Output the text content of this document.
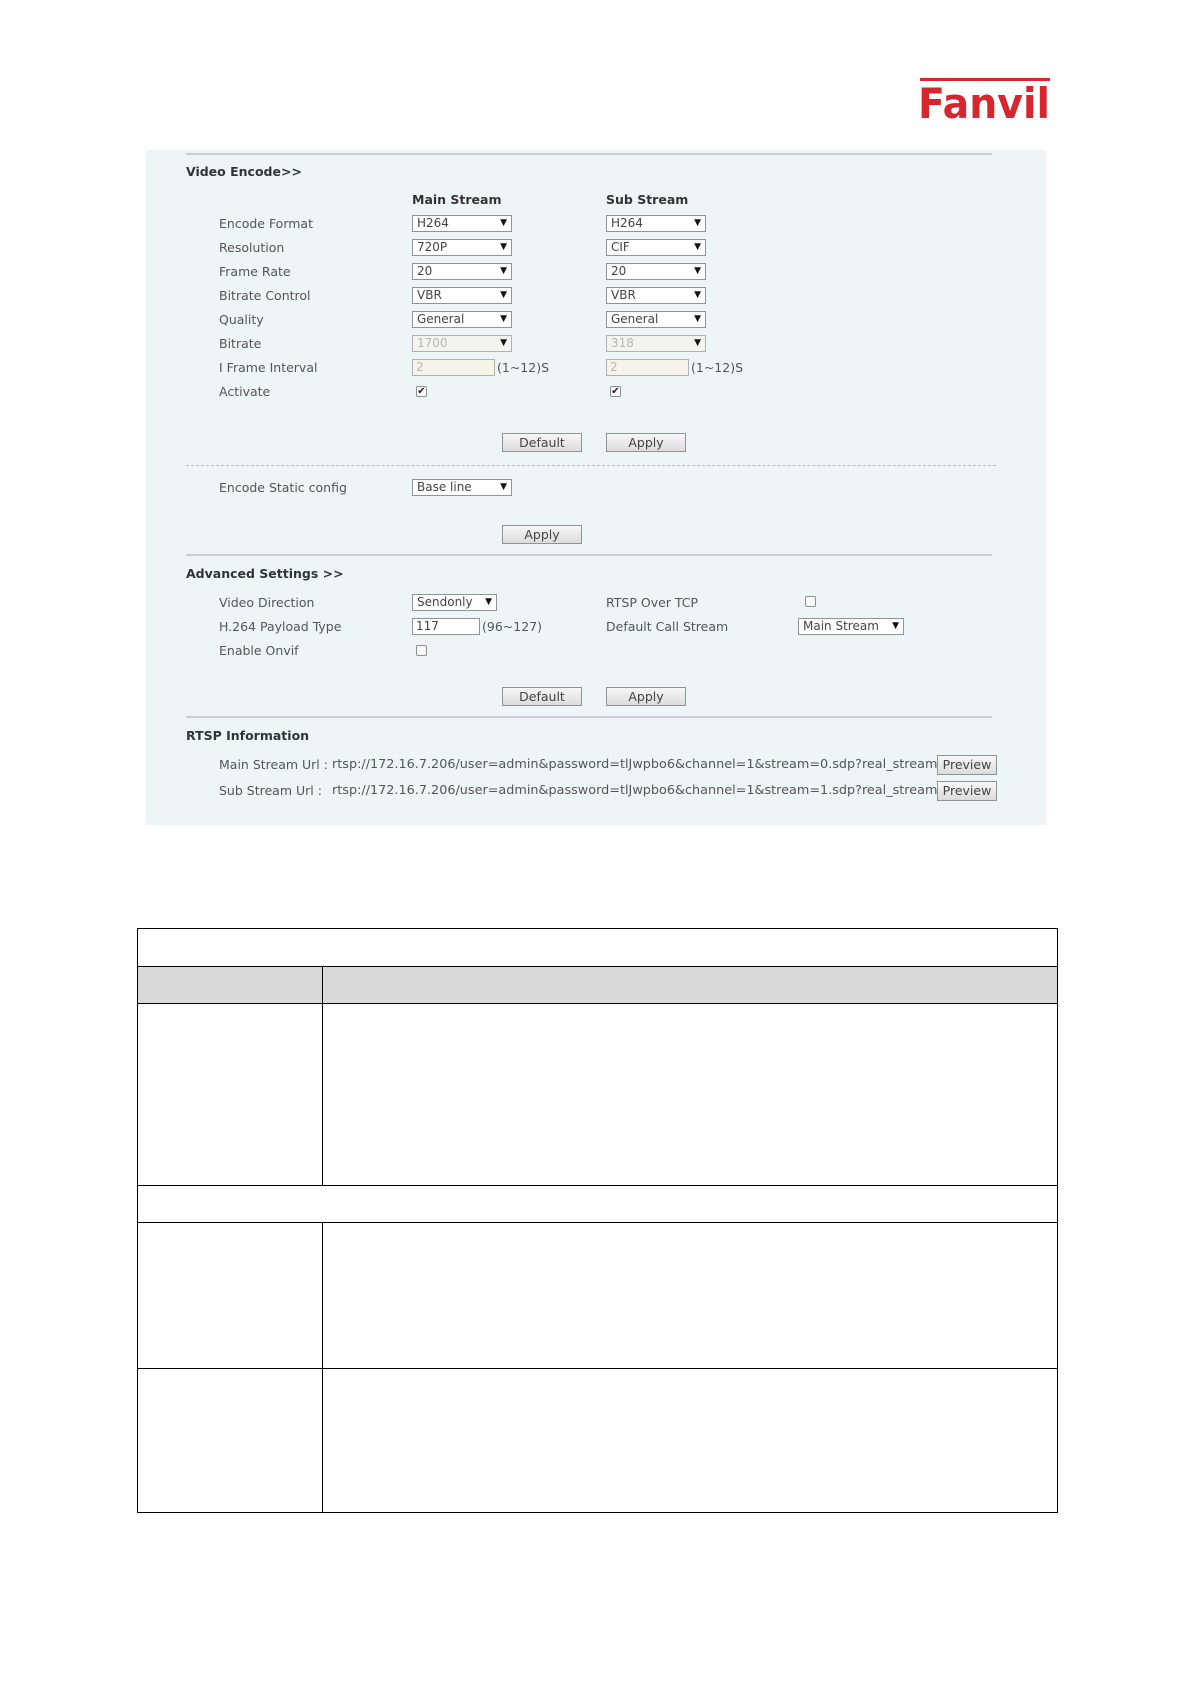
Fanvil
Video Encode>>
Main Stream	Sub Stream
Encode Format	H264	▼	H264	▼
Resolution	720P	▼	CIF	▼
Frame Rate	20	▼	20	▼
Bitrate Control	VBR	▼	VBR	▼
Quality	General	▼	General	▼
Bitrate	1700	▼	318	▼
I Frame Interval	2	(1~12)S	2	(1~12)S
Activate	✔	✔
Default	Apply
Encode Static config	Base line	▼
Apply
Advanced Settings >>
Video Direction	Sendonly ▼	RTSP Over TCP
H.264 Payload Type	117	(96~127)	Default Call Stream	Main Stream ▼
Enable Onvif
Default	Apply
RTSP Information
Main Stream Url : rtsp://172.16.7.206/user=admin&password=tlJwpbo6&channel=1&stream=0.sdp?real_stream Preview
Sub Stream Url : rtsp://172.16.7.206/user=admin&password=tlJwpbo6&channel=1&stream=1.sdp?real_stream Preview
